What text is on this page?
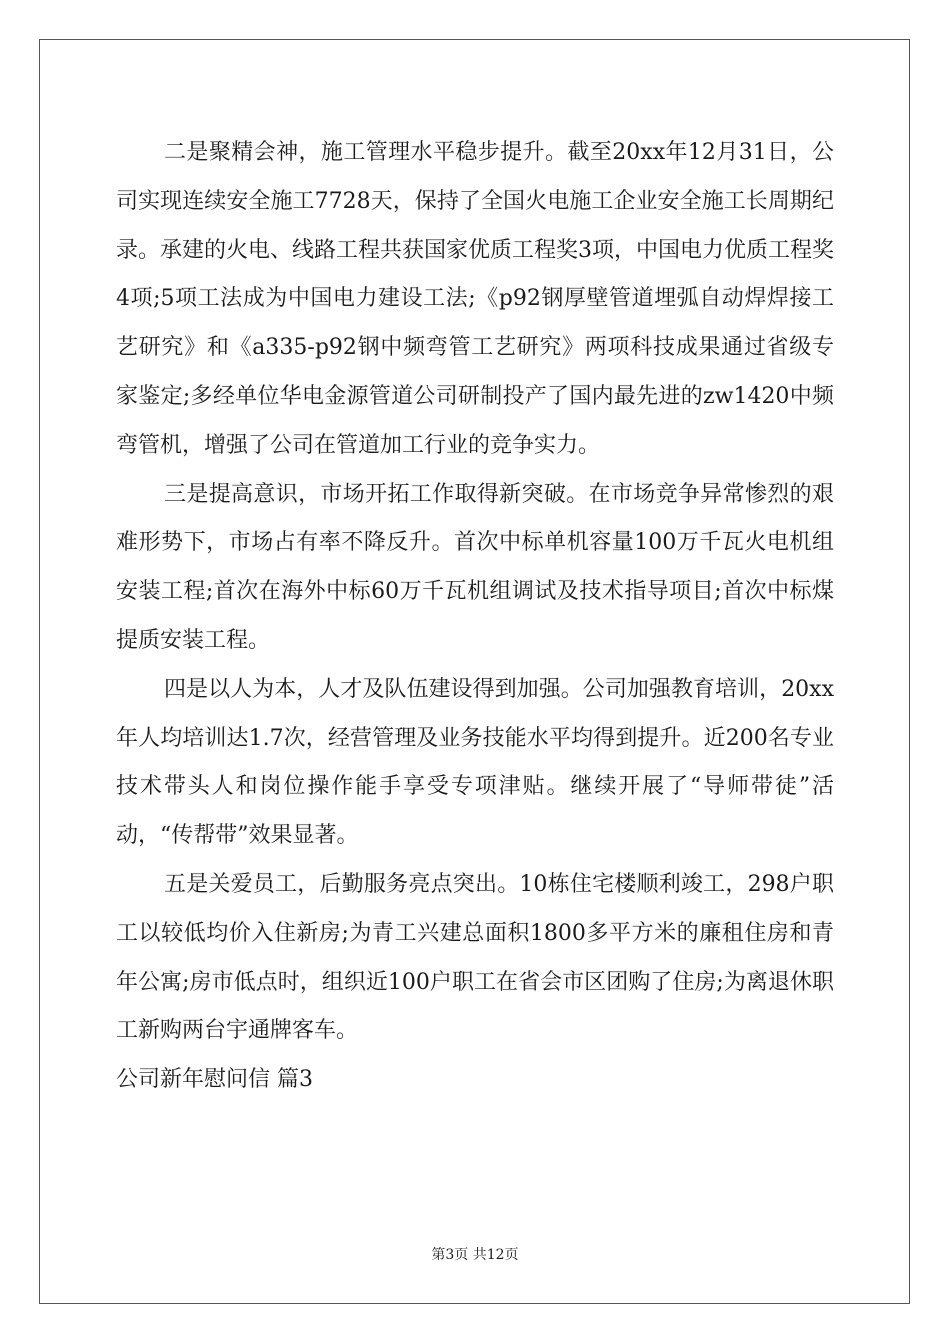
二是聚精会神，施工管理水平稳步提升。截至20xx年12月31日，公司实现连续安全施工7728天，保持了全国火电施工企业安全施工长周期纪录。承建的火电、线路工程共获国家优质工程奖3项，中国电力优质工程奖4项;5项工法成为中国电力建设工法;《p92钢厚壁管道埋弧自动焊焊接工艺研究》和《a335-p92钢中频弯管工艺研究》两项科技成果通过省级专家鉴定;多经单位华电金源管道公司研制投产了国内最先进的zw1420中频弯管机，增强了公司在管道加工行业的竞争实力。

三是提高意识，市场开拓工作取得新突破。在市场竞争异常惨烈的艰难形势下，市场占有率不降反升。首次中标单机容量100万千瓦火电机组安装工程;首次在海外中标60万千瓦机组调试及技术指导项目;首次中标煤提质安装工程。

四是以人为本，人才及队伍建设得到加强。公司加强教育培训，20xx年人均培训达1.7次，经营管理及业务技能水平均得到提升。近200名专业技术带头人和岗位操作能手享受专项津贴。继续开展了“导师带徒”活动，“传帮带”效果显著。

五是关爱员工，后勤服务亮点突出。10栋住宅楼顺利竣工，298户职工以较低均价入住新房;为青工兴建总面积1800多平方米的廉租住房和青年公寓;房市低点时，组织近100户职工在省会市区团购了住房;为离退休职工新购两台宇通牌客车。

公司新年慰问信 篇3

第3页 共12页
